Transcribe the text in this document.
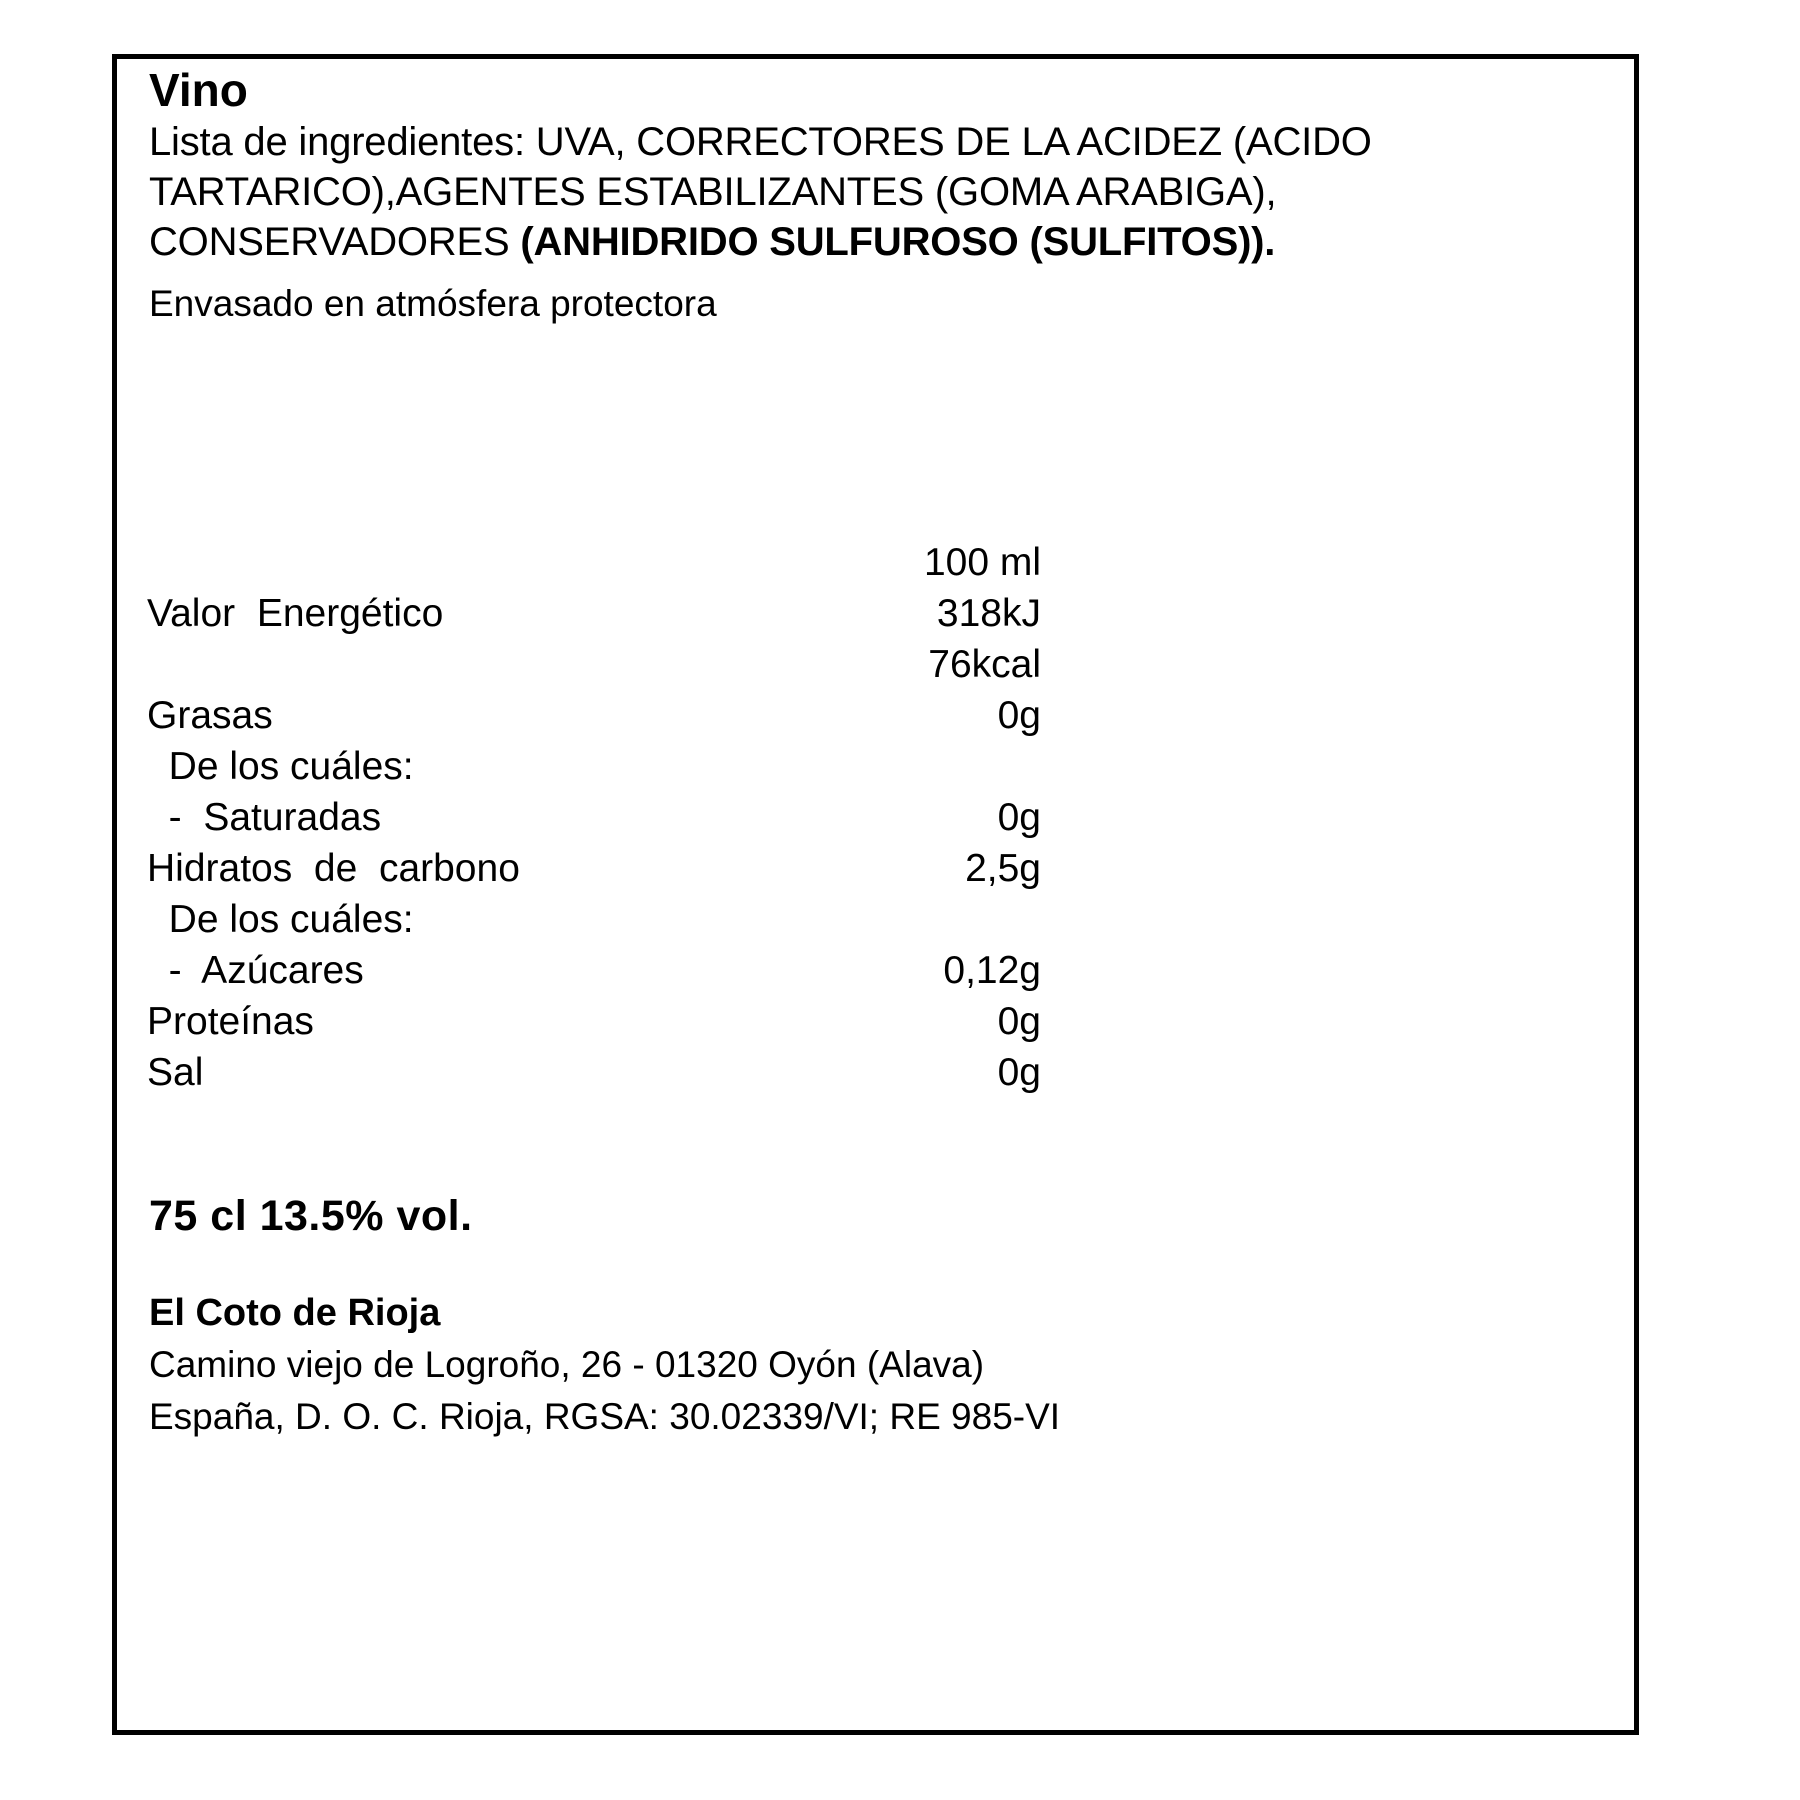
Vino
Lista de ingredientes: UVA, CORRECTORES DE LA ACIDEZ (ACIDO TARTARICO),AGENTES ESTABILIZANTES (GOMA ARABIGA), CONSERVADORES (ANHIDRIDO SULFUROSO (SULFITOS)).
Envasado en atmósfera protectora
	100 ml
Valor  Energético	318kJ
	76kcal
Grasas	0g
De los cuáles:	
-  Saturadas	0g
Hidratos  de  carbono	2,5g
De los cuáles:	
-  Azúcares	0,12g
Proteínas	0g
Sal	0g
75 cl 13.5% vol.
El Coto de Rioja
Camino viejo de Logroño, 26 - 01320 Oyón (Alava)
España, D. O. C. Rioja, RGSA: 30.02339/VI; RE 985-VI
